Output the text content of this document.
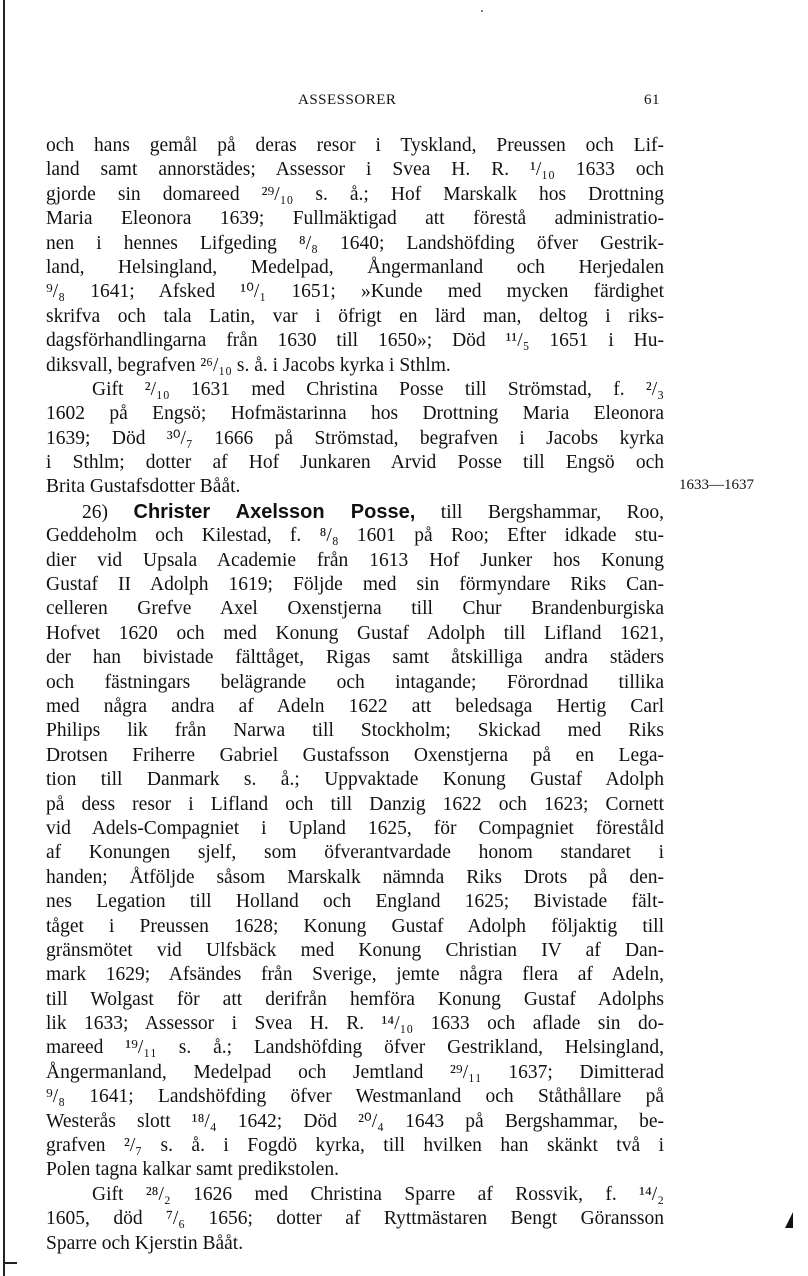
ASSESSORER	61
1633—1637
och hans gemål på deras resor i Tyskland, Preussen och Lif-
land samt annorstädes; Assessor i Svea H. R. ¹/₁₀ 1633 och
gjorde sin domareed ²⁹/₁₀ s. å.; Hof Marskalk hos Drottning
Maria Eleonora 1639; Fullmäktigad att förestå administratio-
nen i hennes Lifgeding ⁸/₈ 1640; Landshöfding öfver Gestrik-
land, Helsingland, Medelpad, Ångermanland och Herjedalen
⁹/₈ 1641; Afsked ¹⁰/₁ 1651; »Kunde med mycken färdighet
skrifva och tala Latin, var i öfrigt en lärd man, deltog i riks-
dagsförhandlingarna från 1630 till 1650»; Död ¹¹/₅ 1651 i Hu-
diksvall, begrafven ²⁶/₁₀ s. å. i Jacobs kyrka i Sthlm.
Gift ²/₁₀ 1631 med Christina Posse till Strömstad, f. ²/₃
1602 på Engsö; Hofmästarinna hos Drottning Maria Eleonora
1639; Död ³⁰/₇ 1666 på Strömstad, begrafven i Jacobs kyrka
i Sthlm; dotter af Hof Junkaren Arvid Posse till Engsö och
Brita Gustafsdotter Bååt.
26) Christer Axelsson Posse, till Bergshammar, Roo,
Geddeholm och Kilestad, f. ⁸/₈ 1601 på Roo; Efter idkade stu-
dier vid Upsala Academie från 1613 Hof Junker hos Konung
Gustaf II Adolph 1619; Följde med sin förmyndare Riks Can-
celleren Grefve Axel Oxenstjerna till Chur Brandenburgiska
Hofvet 1620 och med Konung Gustaf Adolph till Lifland 1621,
der han bivistade fälttåget, Rigas samt åtskilliga andra städers
och fästningars belägrande och intagande; Förordnad tillika
med några andra af Adeln 1622 att beledsaga Hertig Carl
Philips lik från Narwa till Stockholm; Skickad med Riks
Drotsen Friherre Gabriel Gustafsson Oxenstjerna på en Lega-
tion till Danmark s. å.; Uppvaktade Konung Gustaf Adolph
på dess resor i Lifland och till Danzig 1622 och 1623; Cornett
vid Adels-Compagniet i Upland 1625, för Compagniet föreståld
af Konungen sjelf, som öfverantvardade honom standaret i
handen; Åtföljde såsom Marskalk nämnda Riks Drots på den-
nes Legation till Holland och England 1625; Bivistade fält-
tåget i Preussen 1628; Konung Gustaf Adolph följaktig till
gränsmötet vid Ulfsbäck med Konung Christian IV af Dan-
mark 1629; Afsändes från Sverige, jemte några flera af Adeln,
till Wolgast för att derifrån hemföra Konung Gustaf Adolphs
lik 1633; Assessor i Svea H. R. ¹⁴/₁₀ 1633 och aflade sin do-
mareed ¹⁹/₁₁ s. å.; Landshöfding öfver Gestrikland, Helsingland,
Ångermanland, Medelpad och Jemtland ²⁹/₁₁ 1637; Dimitterad
⁹/₈ 1641; Landshöfding öfver Westmanland och Ståthållare på
Westerås slott ¹⁸/₄ 1642; Död ²⁰/₄ 1643 på Bergshammar, be-
grafven ²/₇ s. å. i Fogdö kyrka, till hvilken han skänkt två i
Polen tagna kalkar samt predikstolen.
Gift ²⁸/₂ 1626 med Christina Sparre af Rossvik, f. ¹⁴/₂
1605, död ⁷/₆ 1656; dotter af Ryttmästaren Bengt Göransson
Sparre och Kjerstin Bååt.
